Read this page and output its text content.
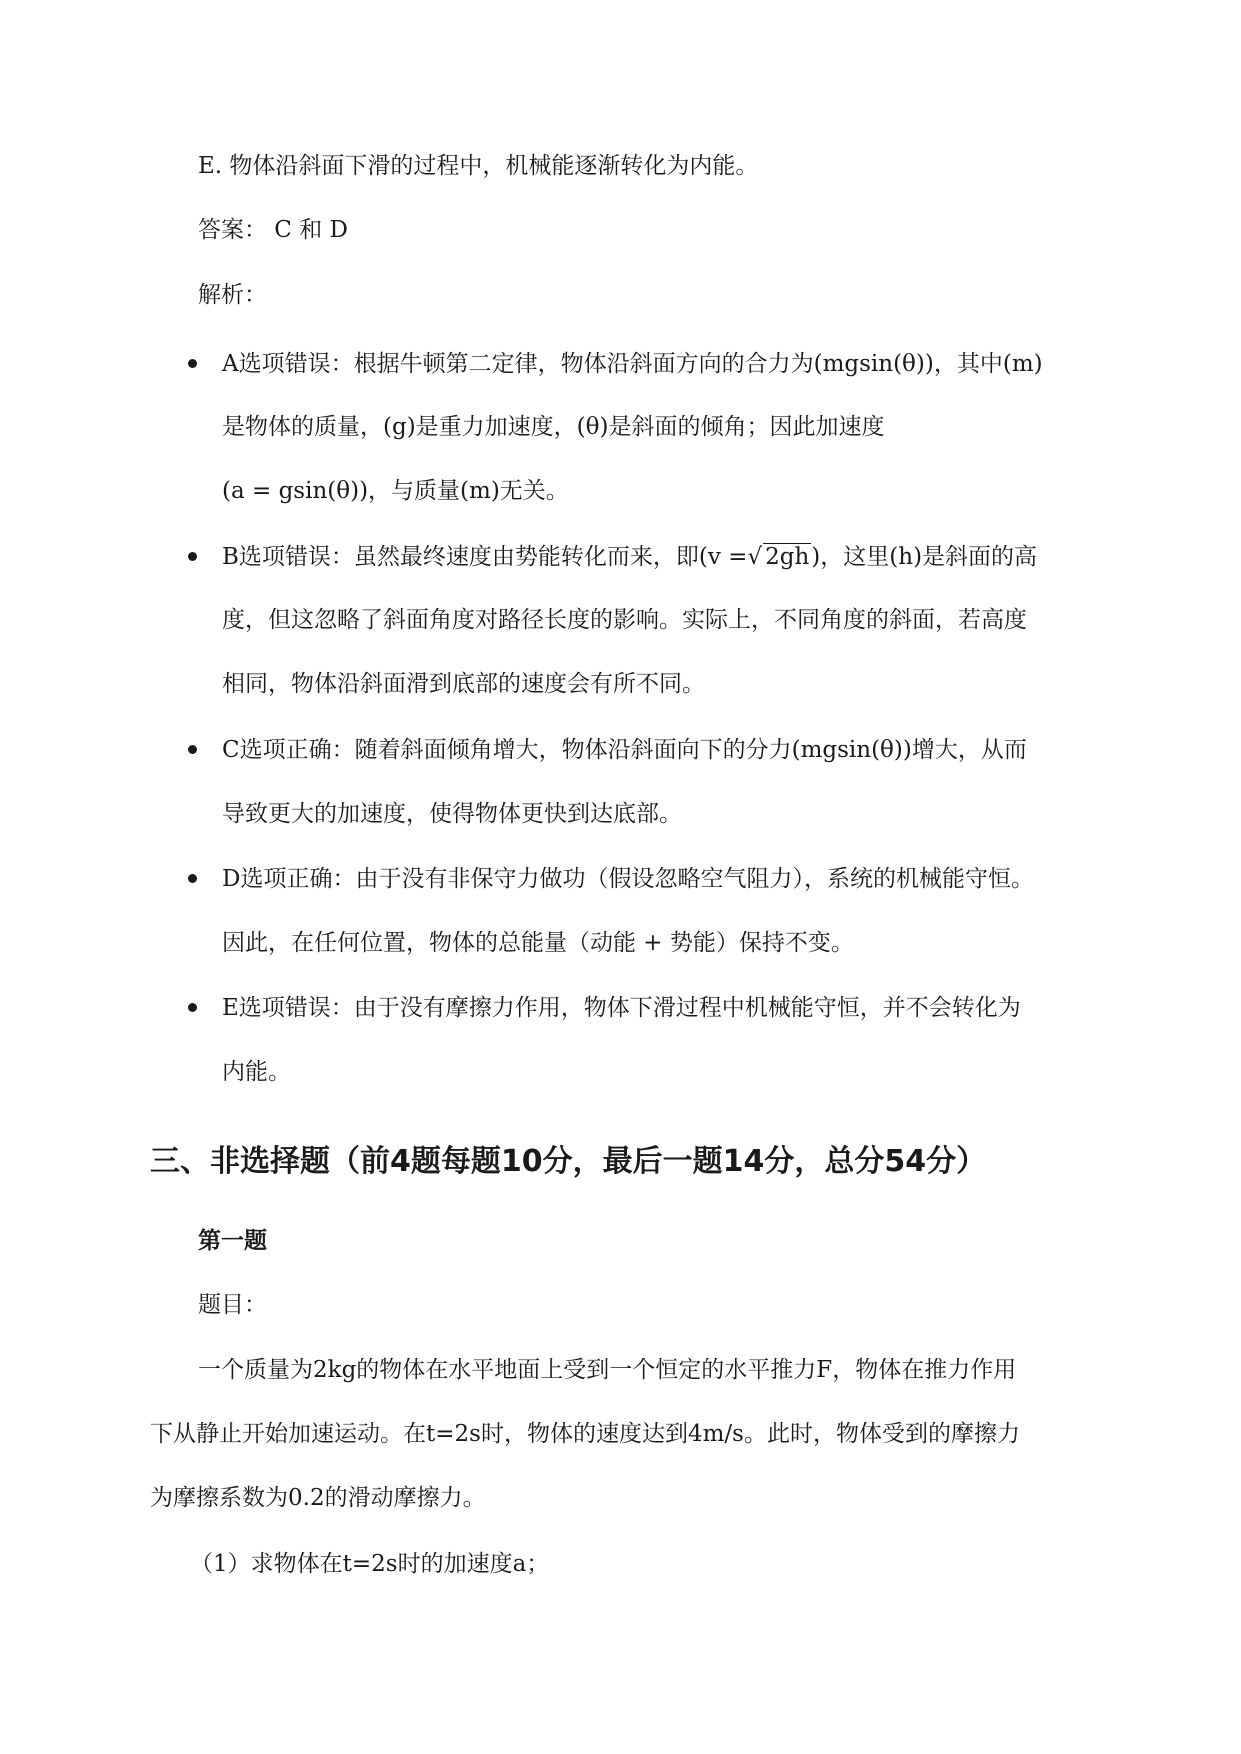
E. 物体沿斜面下滑的过程中，机械能逐渐转化为内能。
答案： C 和 D
解析：
A选项错误：根据牛顿第二定律，物体沿斜面方向的合力为(mgsin(θ))，其中(m)
是物体的质量，(g)是重力加速度，(θ)是斜面的倾角；因此加速度
(a = gsin(θ))，与质量(m)无关。
B选项错误：虽然最终速度由势能转化而来，即(v =√ 2gh)，这里(h)是斜面的高
度，但这忽略了斜面角度对路径长度的影响。实际上，不同角度的斜面，若高度
相同，物体沿斜面滑到底部的速度会有所不同。
C选项正确：随着斜面倾角增大，物体沿斜面向下的分力(mgsin(θ))增大，从而
导致更大的加速度，使得物体更快到达底部。
D选项正确：由于没有非保守力做功（假设忽略空气阻力），系统的机械能守恒。
因此，在任何位置，物体的总能量（动能 + 势能）保持不变。
E选项错误：由于没有摩擦力作用，物体下滑过程中机械能守恒，并不会转化为
内能。
三、非选择题（前4题每题10分，最后一题14分，总分54分）
第一题
题目：
一个质量为2kg的物体在水平地面上受到一个恒定的水平推力F，物体在推力作用
下从静止开始加速运动。在t=2s时，物体的速度达到4m/s。此时，物体受到的摩擦力
为摩擦系数为0.2的滑动摩擦力。
（1）求物体在t=2s时的加速度a；
